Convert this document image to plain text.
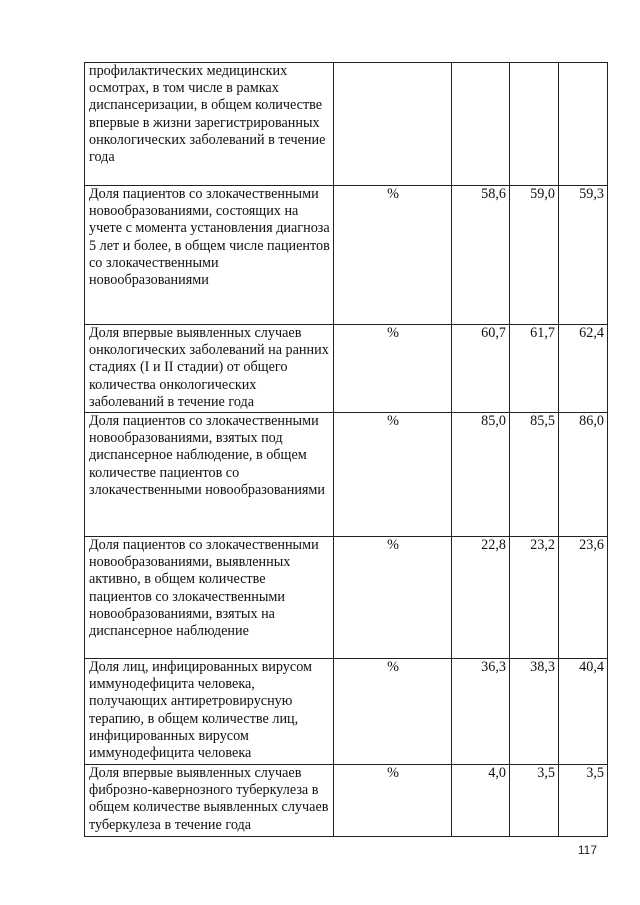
профилактических медицинских осмотрах, в том числе в рамках диспансеризации, в общем количестве впервые в жизни зарегистрированных онкологических заболеваний в течение года				
Доля пациентов со злокачественными новообразованиями, состоящих на учете с момента установления диагноза 5 лет и более, в общем числе пациентов со злокачественными новообразованиями	%	58,6	59,0	59,3
Доля впервые выявленных случаев онкологических заболеваний на ранних стадиях (I и II стадии) от общего количества онкологических заболеваний в течение года	%	60,7	61,7	62,4
Доля пациентов со злокачественными новообразованиями, взятых под диспансерное наблюдение, в общем количестве пациентов со злокачественными новообразованиями	%	85,0	85,5	86,0
Доля пациентов со злокачественными новообразованиями, выявленных активно, в общем количестве пациентов со злокачественными новообразованиями, взятых на диспансерное наблюдение	%	22,8	23,2	23,6
Доля лиц, инфицированных вирусом иммунодефицита человека, получающих антиретровирусную терапию, в общем количестве лиц, инфицированных вирусом иммунодефицита человека	%	36,3	38,3	40,4
Доля впервые выявленных случаев фиброзно-кавернозного туберкулеза в общем количестве выявленных случаев туберкулеза в течение года	%	4,0	3,5	3,5
117
